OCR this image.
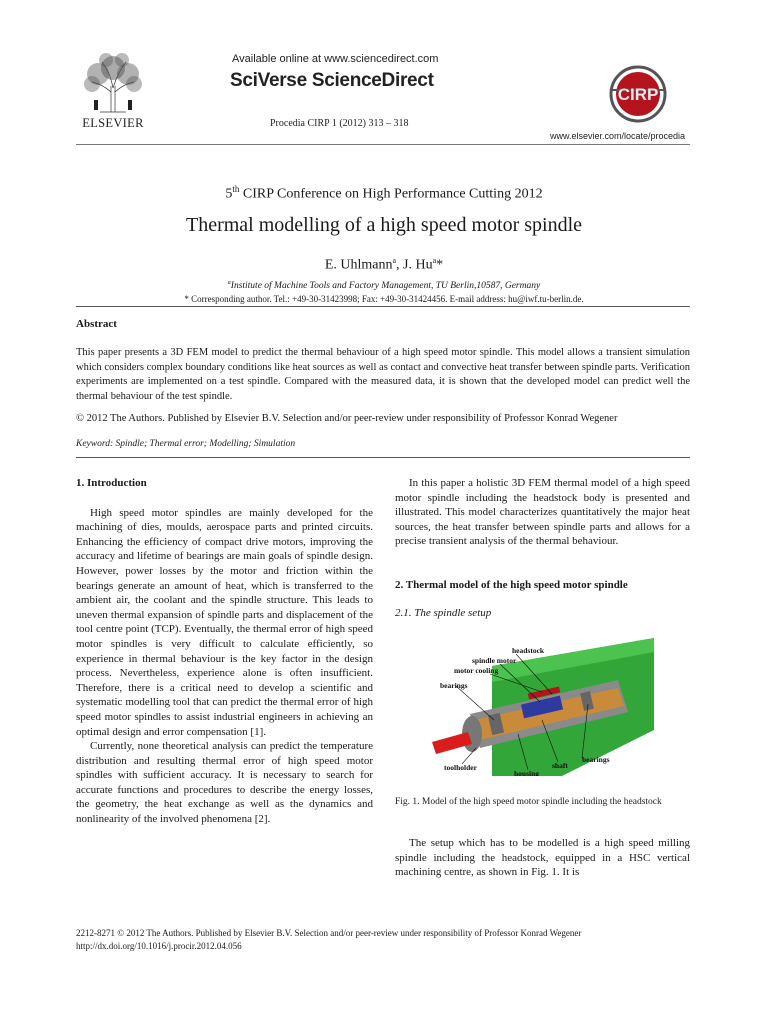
ELSEVIER
Available online at www.sciencedirect.com
SciVerse ScienceDirect
Procedia CIRP 1 (2012) 313 – 318
CIRP
www.elsevier.com/locate/procedia
5th CIRP Conference on High Performance Cutting 2012
Thermal modelling of a high speed motor spindle
E. Uhlmann$^a$, J. Hu$^a$*
$^a$Institute of Machine Tools and Factory Management, TU Berlin,10587, Germany
* Corresponding author. Tel.: +49-30-31423998; Fax: +49-30-31424456. E-mail address: hu@iwf.tu-berlin.de.
Abstract
This paper presents a 3D FEM model to predict the thermal behaviour of a high speed motor spindle. This model allows a transient simulation which considers complex boundary conditions like heat sources as well as contact and convective heat transfer between spindle parts. Verification experiments are implemented on a test spindle. Compared with the measured data, it is shown that the developed model can predict well the thermal behaviour of the test spindle.
© 2012 The Authors. Published by Elsevier B.V. Selection and/or peer-review under responsibility of Professor Konrad Wegener
Keyword: Spindle; Thermal error; Modelling; Simulation
1. Introduction

High speed motor spindles are mainly developed for the machining of dies, moulds, aerospace parts and printed circuits. Enhancing the efficiency of compact drive motors, improving the accuracy and lifetime of bearings are main goals of spindle design. However, power losses by the motor and friction within the bearings generate an amount of heat, which is transferred to the ambient air, the coolant and the spindle structure. This leads to uneven thermal expansion of spindle parts and displacement of the tool centre point (TCP). Eventually, the thermal error of high speed motor spindles is very difficult to calculate efficiently, so experience in thermal behaviour is the key factor in the design process. Nevertheless, experience alone is often insufficient. Therefore, there is a critical need to develop a scientific and systematic modelling tool that can predict the thermal error of high speed motor spindles to assist industrial engineers in achieving an optimal design and error compensation [1].

Currently, none theoretical analysis can predict the temperature distribution and resulting thermal error of high speed motor spindles with sufficient accuracy. It is necessary to search for accurate functions and procedures to describe the energy losses, the geometry, the heat exchange as well as the dynamics and nonlinearity of the involved phenomena [2].

In this paper a holistic 3D FEM thermal model of a high speed motor spindle including the headstock body is presented and illustrated. This model characterizes quantitatively the major heat sources, the heat transfer between spindle parts and allows for a precise transient analysis of the thermal behaviour.

2. Thermal model of the high speed motor spindle
2.1. The spindle setup
headstock
spindle motor
motor cooling
bearings
toolholder
housing
shaft
bearings
Fig. 1. Model of the high speed motor spindle including the headstock

The setup which has to be modelled is a high speed milling spindle including the headstock, equipped in a HSC vertical machining centre, as shown in Fig. 1. It is

2212-8271 © 2012 The Authors. Published by Elsevier B.V. Selection and/or peer-review under responsibility of Professor Konrad Wegener
http://dx.doi.org/10.1016/j.procir.2012.04.056
